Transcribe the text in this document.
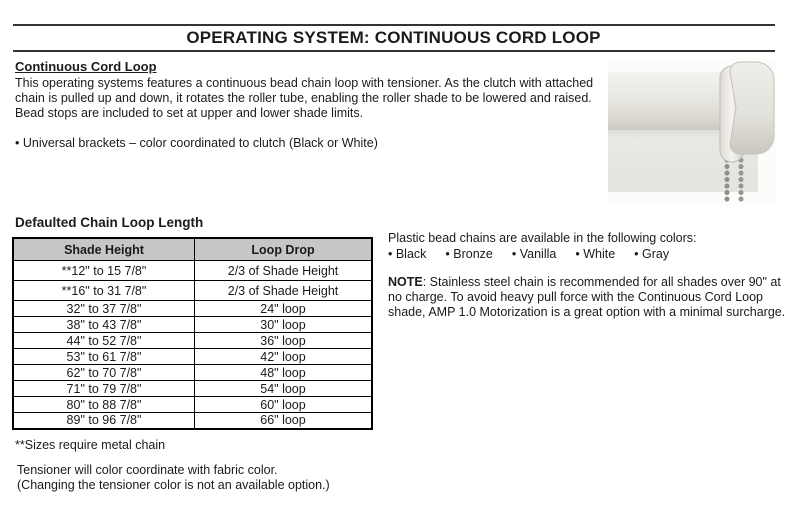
OPERATING SYSTEM: CONTINUOUS CORD LOOP
Continuous Cord Loop
This operating systems features a continuous bead chain loop with tensioner. As the clutch with attached chain is pulled up and down, it rotates the roller tube, enabling the roller shade to be lowered and raised. Bead stops are included to set at upper and lower shade limits.
• Universal brackets – color coordinated to clutch (Black or White)
Defaulted Chain Loop Length
Shade Height	Loop Drop
**12" to 15 7/8"	2/3 of Shade Height
**16" to 31 7/8"	2/3 of Shade Height
32" to 37 7/8"	24" loop
38" to 43 7/8"	30" loop
44" to 52 7/8"	36" loop
53" to 61 7/8"	42" loop
62" to 70 7/8"	48" loop
71" to 79 7/8"	54" loop
80" to 88 7/8"	60" loop
89" to 96 7/8"	66" loop
Plastic bead chains are available in the following colors:
• Black • Bronze • Vanilla • White • Gray
NOTE: Stainless steel chain is recommended for all shades over 90" at no charge. To avoid heavy pull force with the Continuous Cord Loop shade, AMP 1.0 Motorization is a great option with a minimal surcharge.
**Sizes require metal chain
Tensioner will color coordinate with fabric color.
(Changing the tensioner color is not an available option.)
